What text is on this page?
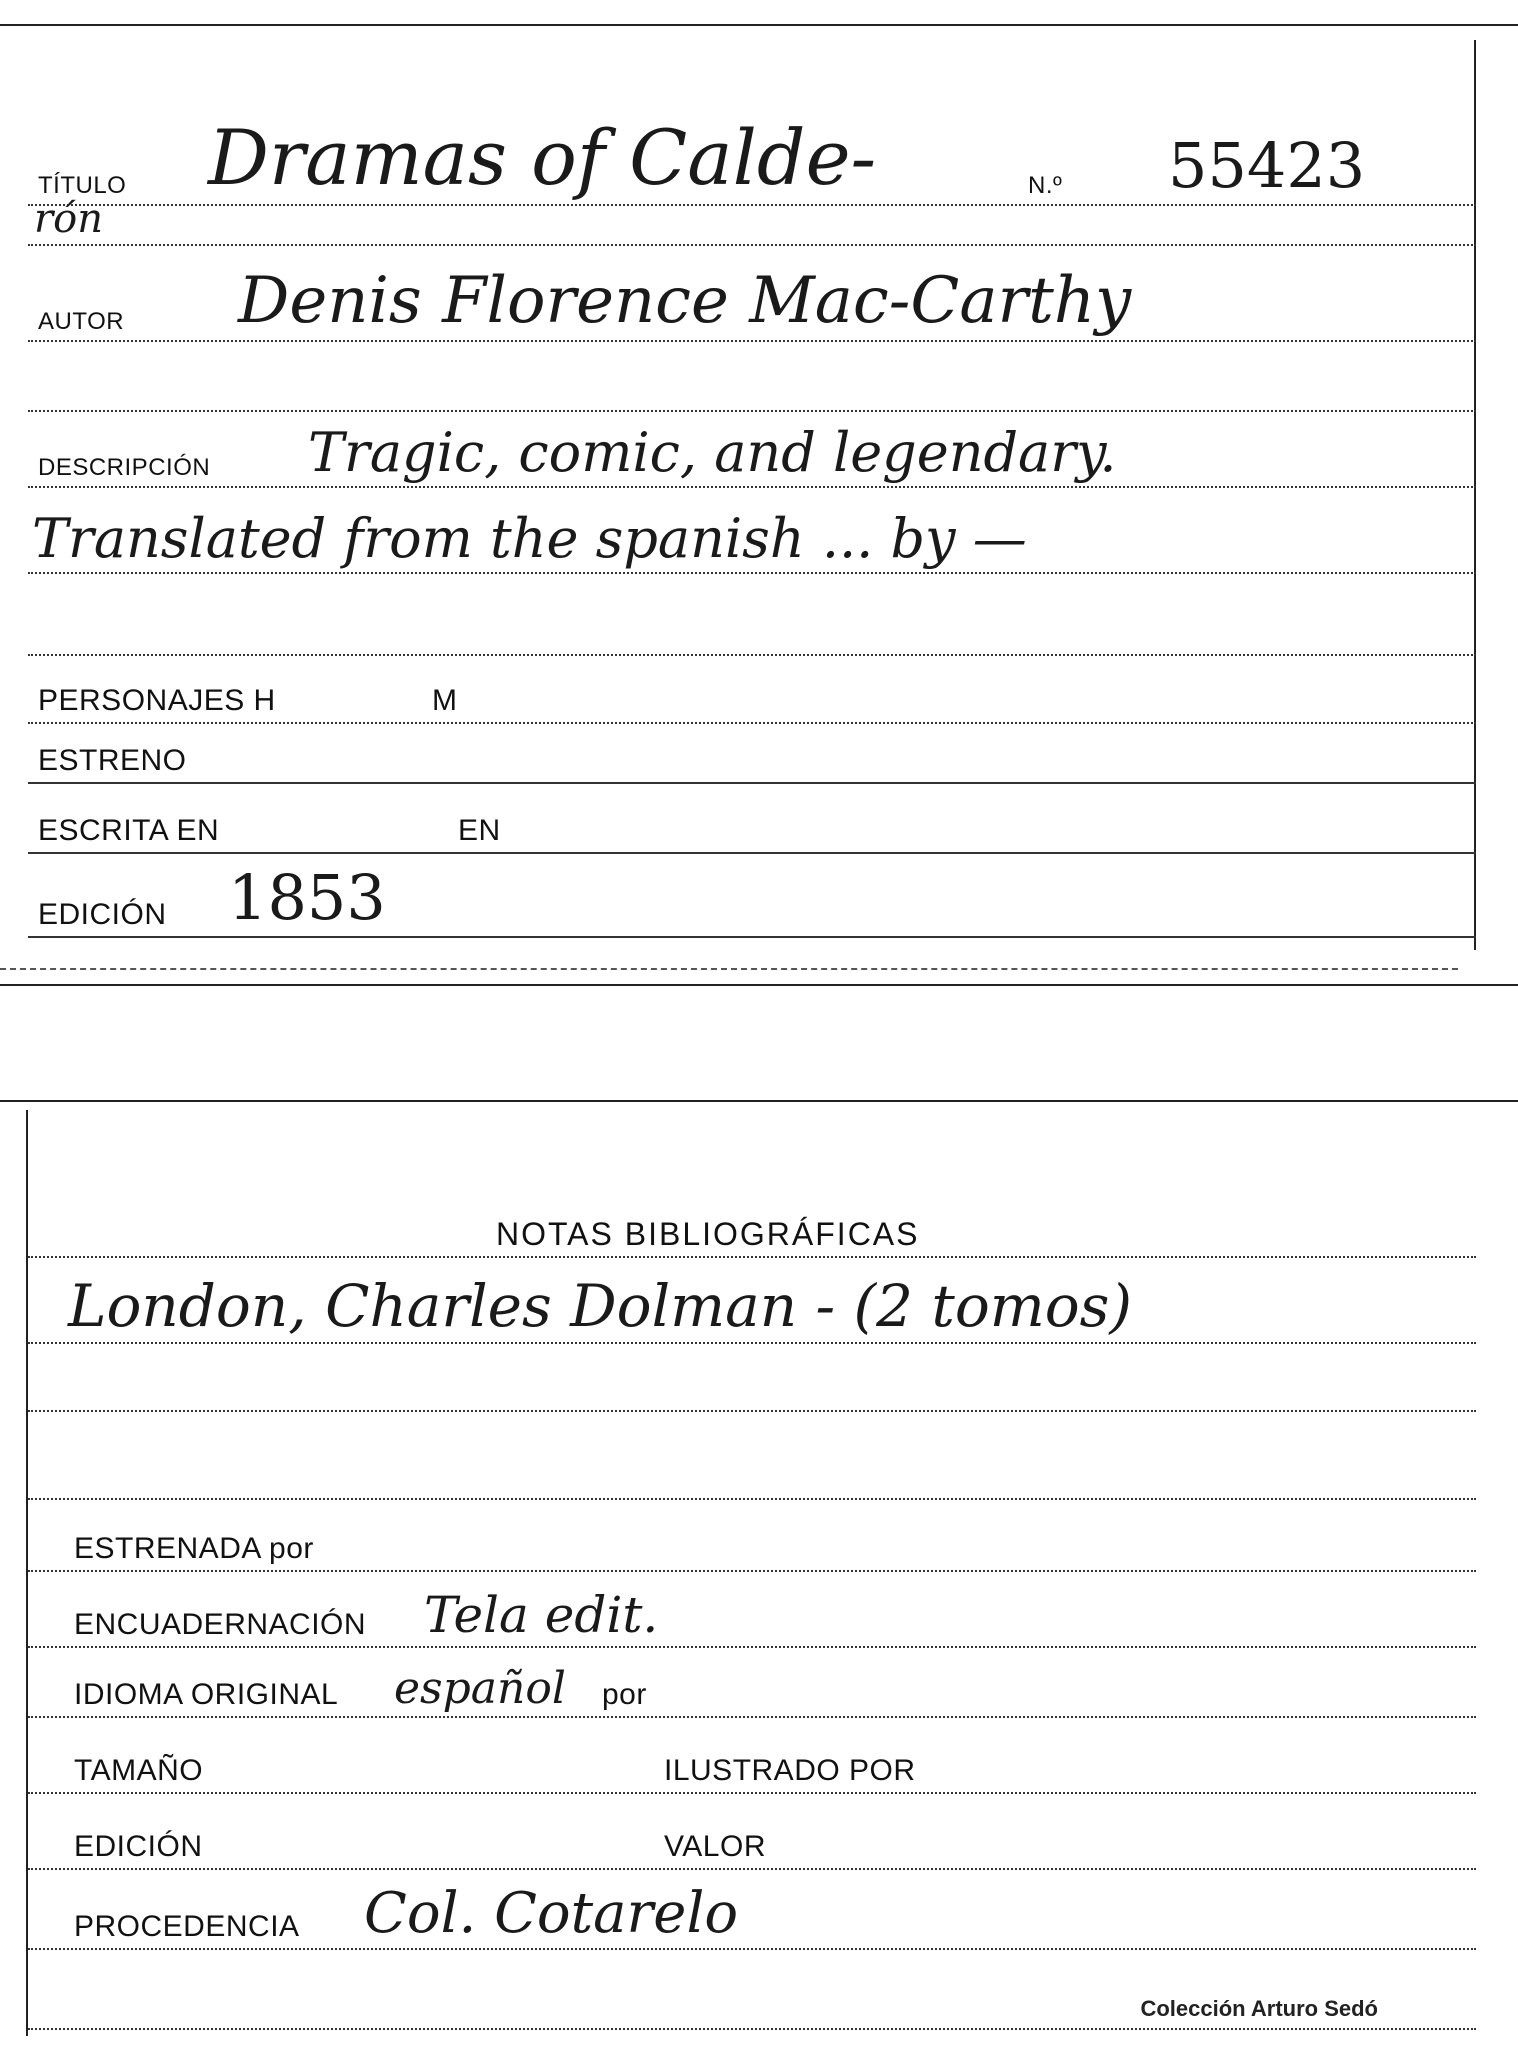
TÍTULO Dramas of Calde-	N.º 55423
rón
AUTOR Denis Florence Mac-Carthy
DESCRIPCIÓN Tragic, comic, and legendary.
Translated from the spanish ... by —
PERSONAJES H	M
ESTRENO
ESCRITA EN	EN
EDICIÓN 1853
NOTAS BIBLIOGRÁFICAS
London, Charles Dolman - (2 tomos)
ESTRENADA por
ENCUADERNACIÓN Tela edit.
IDIOMA ORIGINAL español por
TAMAÑO	ILUSTRADO POR
EDICIÓN	VALOR
PROCEDENCIA Col. Cotarelo
Colección Arturo Sedó
